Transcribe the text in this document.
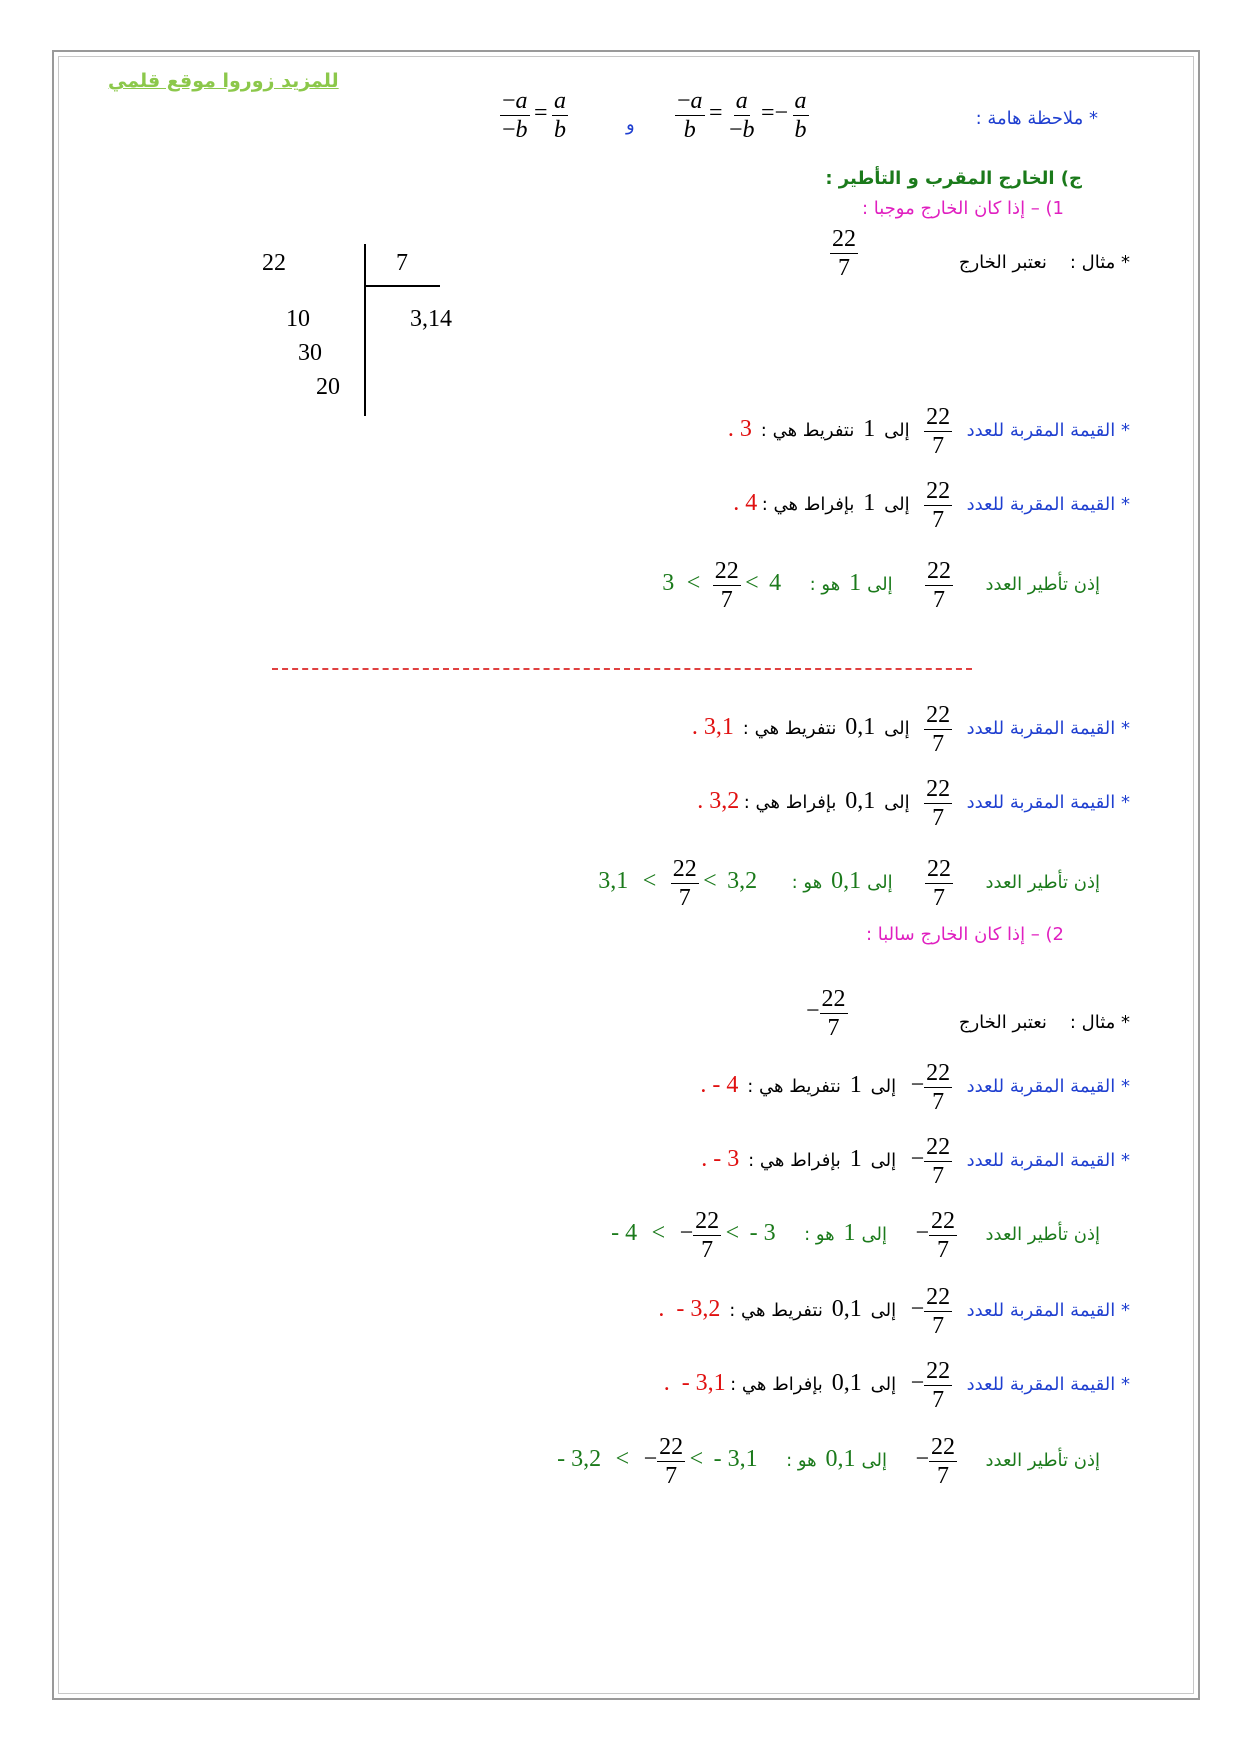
للمزيد زوروا موقع قلمي
* ملاحظة هامة :
$\frac{-a}{b} = \frac{a}{-b} =- \frac{a}{b}$
و
$\frac{-a}{-b} = \frac{a}{b}$
ج) الخارج المقرب و التأطير :
1) – إذا كان الخارج موجبا :
* مثال :    نعتبر الخارج
$\frac{22}{7}$
22	7
3,14
10
30
20
* القيمة المقربة للعدد
$\frac{22}{7}$
إلى  1  نتفريط هي :  3 .
* القيمة المقربة للعدد
$\frac{22}{7}$
إلى  1  بإفراط هي : 4 .
إذن تأطير العدد
$\frac{22}{7}$
إلى 1  هو : $3 < \frac{22}{7} < 4$
* القيمة المقربة للعدد
$\frac{22}{7}$
إلى  0,1  نتفريط هي :  3,1 .
* القيمة المقربة للعدد
$\frac{22}{7}$
إلى  0,1  بإفراط هي : 3,2 .
إذن تأطير العدد
$\frac{22}{7}$
إلى 0,1  هو : $3,1 < \frac{22}{7} < 3,2$
2) – إذا كان الخارج سالبا :
* مثال :    نعتبر الخارج
− $\frac{22}{7}$
* القيمة المقربة للعدد − $\frac{22}{7}$
إلى  1  نتفريط هي :  - 4 .
* القيمة المقربة للعدد − $\frac{22}{7}$
إلى  1  بإفراط هي :  - 3 .
إذن تأطير العدد − $\frac{22}{7}$
إلى 1  هو : - 4 < − $\frac{22}{7}$ < - 3
* القيمة المقربة للعدد − $\frac{22}{7}$
إلى  0,1  نتفريط هي :  - 3,2  .
* القيمة المقربة للعدد − $\frac{22}{7}$
إلى  0,1  بإفراط هي : - 3,1  .
إذن تأطير العدد − $\frac{22}{7}$
إلى 0,1  هو : - 3,2 < − $\frac{22}{7}$ < - 3,1
